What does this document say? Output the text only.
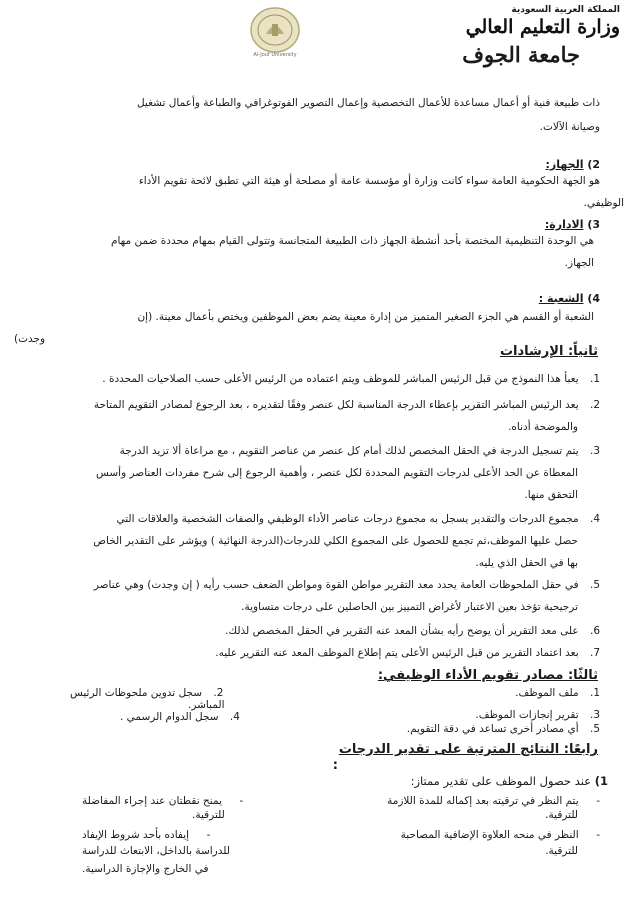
المملكة العربية السعودية
وزارة التعليم العالي
جامعة الجوف
Al-Jouf University
ذات طبيعة فنية أو أعمال مساعدة للأعمال التخصصية وإعمال التصوير الفوتوغرافي والطباعة وأعمال تشغيل
وصيانة الآلات.
2) الجهاز:
هو الجهة الحكومية العامة سواء كانت وزارة أو مؤسسة عامة أو مصلحة أو هيئة التي تطبق لائحة تقويم الأداء
الوظيفي.
3) الادارة:
هي الوحدة التنظيمية المختصة بأحد أنشطة الجهاز ذات الطبيعة المتجانسة وتتولى القيام بمهام محددة ضمن مهام
الجهاز.
4) الشعبة :
الشعبة أو القسم هي الجزء الصغير المتميز من إدارة معينة يضم بعض الموظفين ويختص بأعمال معينة. (إن
وجدت)
ثانياً: الإرشادات
1. يعبأ هذا النموذج من قبل الرئيس المباشر للموظف ويتم اعتماده من الرئيس الأعلى حسب الصلاحيات المحددة .
2. يعد الرئيس المباشر التقرير بإعطاء الدرجة المناسبة لكل عنصر وفقًا لتقديره ، بعد الرجوع لمصادر التقويم المتاحة
والموضحة أدناه.
3. يتم تسجيل الدرجة في الحقل المخصص لذلك أمام كل عنصر من عناصر التقويم ، مع مراعاة ألا تزيد الدرجة
المعطاة عن الحد الأعلى لدرجات التقويم المحددة لكل عنصر ، وأهمية الرجوع إلى شرح مفردات العناصر وأسس
التحقق منها.
4. مجموع الدرجات والتقدير يسجل به مجموع درجات عناصر الأداء الوظيفي والصفات الشخصية والعلاقات التي
حصل عليها الموظف،ثم تجمع للحصول على المجموع الكلي للدرجات(الدرجة النهائية ) ويؤشر على التقدير الخاص
بها في الحقل الذي يليه.
5. في حقل الملحوظات العامة يحدد معد التقرير مواطن القوة ومواطن الضعف حسب رأيه ( إن وجدت) وهي عناصر
ترجيحية تؤخذ بعين الاعتبار لأغراض التمييز بين الحاصلين على درجات متساوية.
6. على معد التقرير أن يوضح رأيه بشأن المعد عنه التقرير في الحقل المخصص لذلك.
7. بعد اعتماد التقرير من قبل الرئيس الأعلى يتم إطلاع الموظف المعد عنه التقرير عليه.
ثالثًا: مصادر تقويم الأداء الوظيفي:
1. ملف الموظف.
3. تقرير إنجازات الموظف.
5. أي مصادر أخرى تساعد في دقة التقويم.
2. سجل تدوين ملحوظات الرئيس
المباشر.
4. سجل الدوام الرسمي .
رابعًا: النتائج المترتبة على تقدير الدرجات
:
1) عند حصول الموظف على تقدير ممتاز:
- يتم النظر في ترقيته بعد إكماله للمدة اللازمة
للترقية.
- النظر في منحه العلاوة الإضافية المصاحبة
للترقية.
- يمنح نقطتان عند إجراء المفاضلة
للترقية.
- إيفاده بأحد شروط الإيفاد
للدراسة بالداخل، الابتعاث للدراسة
في الخارج والإجازة الدراسية.
